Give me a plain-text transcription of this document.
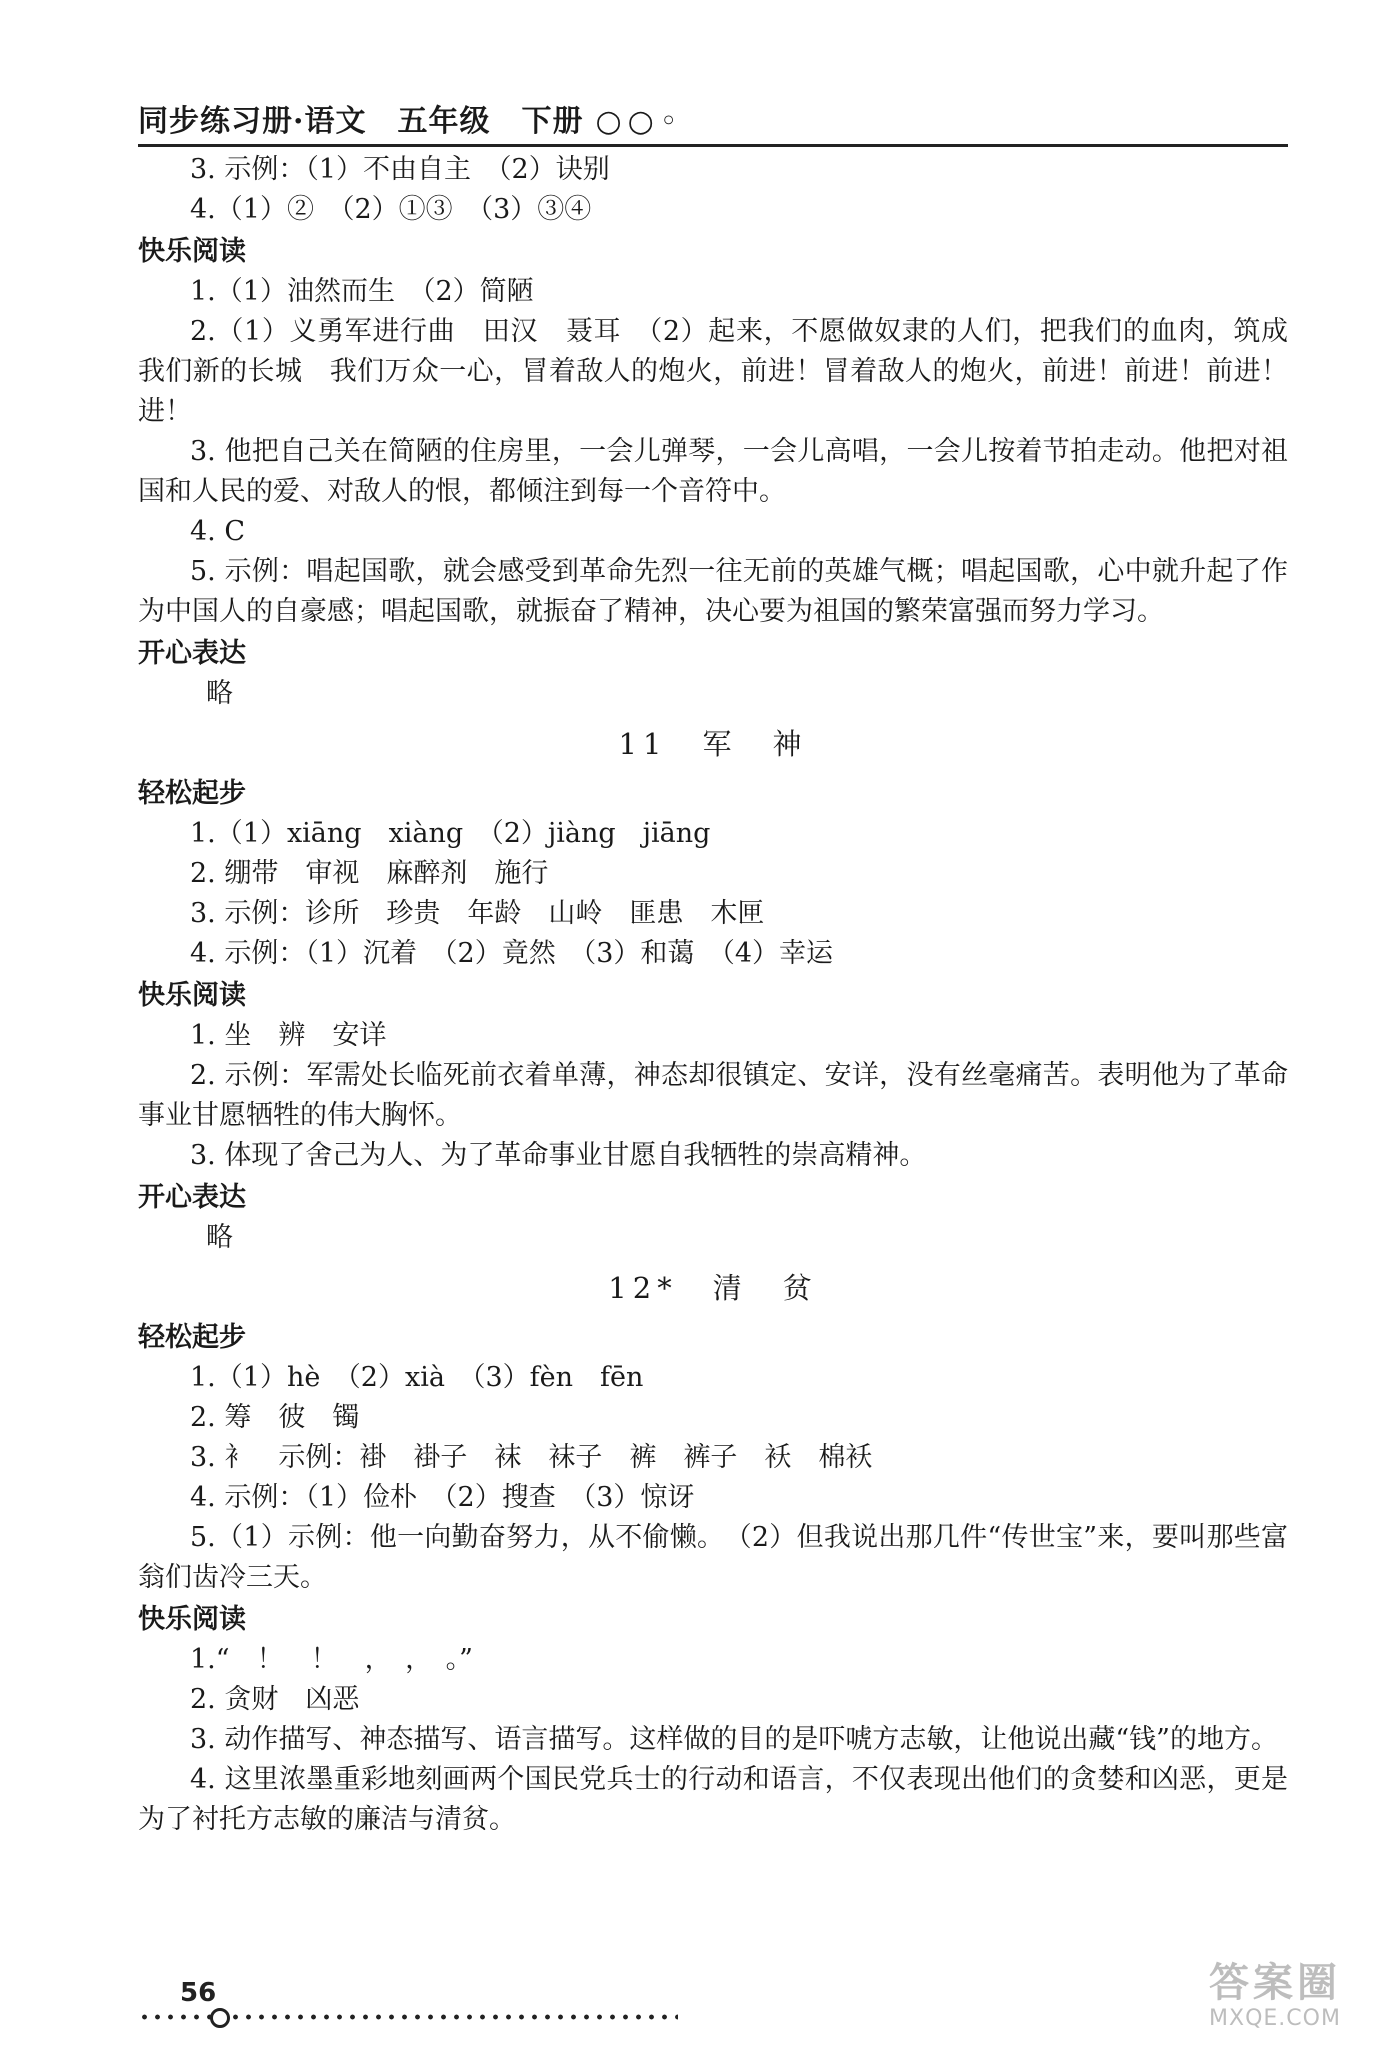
同步练习册·语文　五年级　下册 ○○◦
3. 示例：（1）不由自主　（2）诀别
4.（1）②　（2）①③　（3）③④
快乐阅读
1.（1）油然而生　（2）简陋
2.（1）义勇军进行曲　田汉　聂耳　（2）起来，不愿做奴隶的人们，把我们的血肉，筑成我们新的长城　我们万众一心，冒着敌人的炮火，前进！冒着敌人的炮火，前进！前进！前进！进！
3. 他把自己关在简陋的住房里，一会儿弹琴，一会儿高唱，一会儿按着节拍走动。他把对祖国和人民的爱、对敌人的恨，都倾注到每一个音符中。
4. C
5. 示例：唱起国歌，就会感受到革命先烈一往无前的英雄气概；唱起国歌，心中就升起了作为中国人的自豪感；唱起国歌，就振奋了精神，决心要为祖国的繁荣富强而努力学习。
开心表达
略
11　军　神
轻松起步
1.（1）xiāng　xiàng　（2）jiàng　jiāng
2. 绷带　审视　麻醉剂　施行
3. 示例：诊所　珍贵　年龄　山岭　匪患　木匣
4. 示例：（1）沉着　（2）竟然　（3）和蔼　（4）幸运
快乐阅读
1. 坐　辨　安详
2. 示例：军需处长临死前衣着单薄，神态却很镇定、安详，没有丝毫痛苦。表明他为了革命事业甘愿牺牲的伟大胸怀。
3. 体现了舍己为人、为了革命事业甘愿自我牺牲的崇高精神。
开心表达
略
12*　清　贫
轻松起步
1.（1）hè　（2）xià　（3）fèn　fēn
2. 筹　彼　镯
3. 衤　示例：褂　褂子　袜　袜子　裤　裤子　袄　棉袄
4. 示例：（1）俭朴　（2）搜查　（3）惊讶
5.（1）示例：他一向勤奋努力，从不偷懒。　（2）但我说出那几件“传世宝”来，要叫那些富翁们齿冷三天。
快乐阅读
1.“　！　！　，　，　。”
2. 贪财　凶恶
3. 动作描写、神态描写、语言描写。这样做的目的是吓唬方志敏，让他说出藏“钱”的地方。
4. 这里浓墨重彩地刻画两个国民党兵士的行动和语言，不仅表现出他们的贪婪和凶恶，更是为了衬托方志敏的廉洁与清贫。
56	答案圈
MXQE.COM
